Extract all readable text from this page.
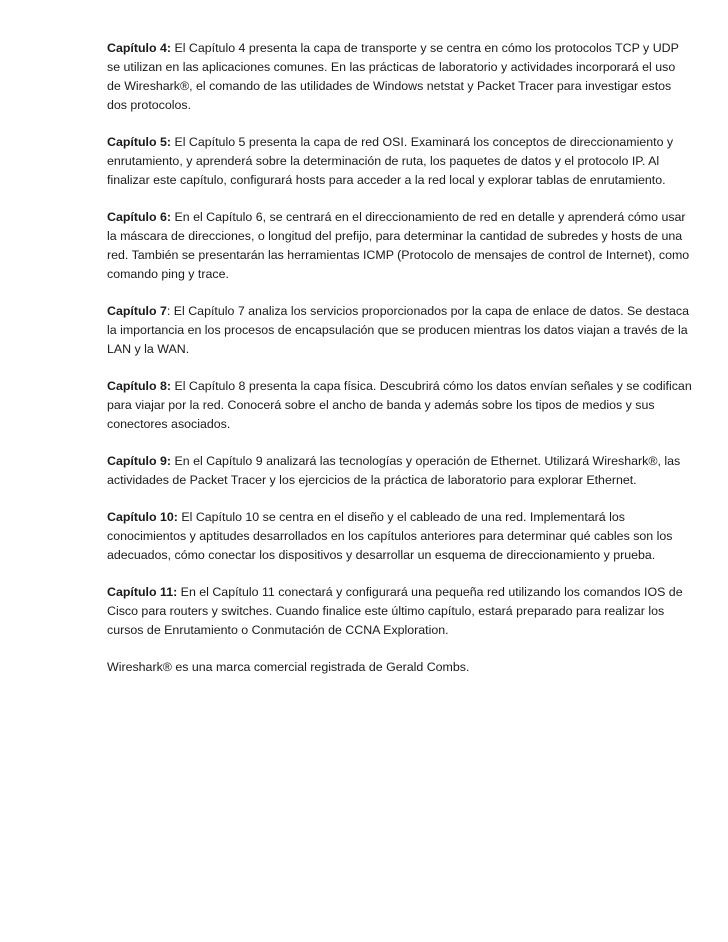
Capítulo 4: El Capítulo 4 presenta la capa de transporte y se centra en cómo los protocolos TCP y UDP se utilizan en las aplicaciones comunes. En las prácticas de laboratorio y actividades incorporará el uso de Wireshark®, el comando de las utilidades de Windows netstat y Packet Tracer para investigar estos dos protocolos.

Capítulo 5: El Capítulo 5 presenta la capa de red OSI. Examinará los conceptos de direccionamiento y enrutamiento, y aprenderá sobre la determinación de ruta, los paquetes de datos y el protocolo IP. Al finalizar este capítulo, configurará hosts para acceder a la red local y explorar tablas de enrutamiento.

Capítulo 6: En el Capítulo 6, se centrará en el direccionamiento de red en detalle y aprenderá cómo usar la máscara de direcciones, o longitud del prefijo, para determinar la cantidad de subredes y hosts de una red. También se presentarán las herramientas ICMP (Protocolo de mensajes de control de Internet), como comando ping y trace.

Capítulo 7: El Capítulo 7 analiza los servicios proporcionados por la capa de enlace de datos. Se destaca la importancia en los procesos de encapsulación que se producen mientras los datos viajan a través de la LAN y la WAN.

Capítulo 8: El Capítulo 8 presenta la capa física. Descubrirá cómo los datos envían señales y se codifican para viajar por la red. Conocerá sobre el ancho de banda y además sobre los tipos de medios y sus conectores asociados.

Capítulo 9: En el Capítulo 9 analizará las tecnologías y operación de Ethernet. Utilizará Wireshark®, las actividades de Packet Tracer y los ejercicios de la práctica de laboratorio para explorar Ethernet.

Capítulo 10: El Capítulo 10 se centra en el diseño y el cableado de una red. Implementará los conocimientos y aptitudes desarrollados en los capítulos anteriores para determinar qué cables son los adecuados, cómo conectar los dispositivos y desarrollar un esquema de direccionamiento y prueba.

Capítulo 11: En el Capítulo 11 conectará y configurará una pequeña red utilizando los comandos IOS de Cisco para routers y switches. Cuando finalice este último capítulo, estará preparado para realizar los cursos de Enrutamiento o Conmutación de CCNA Exploration.

Wireshark® es una marca comercial registrada de Gerald Combs.
